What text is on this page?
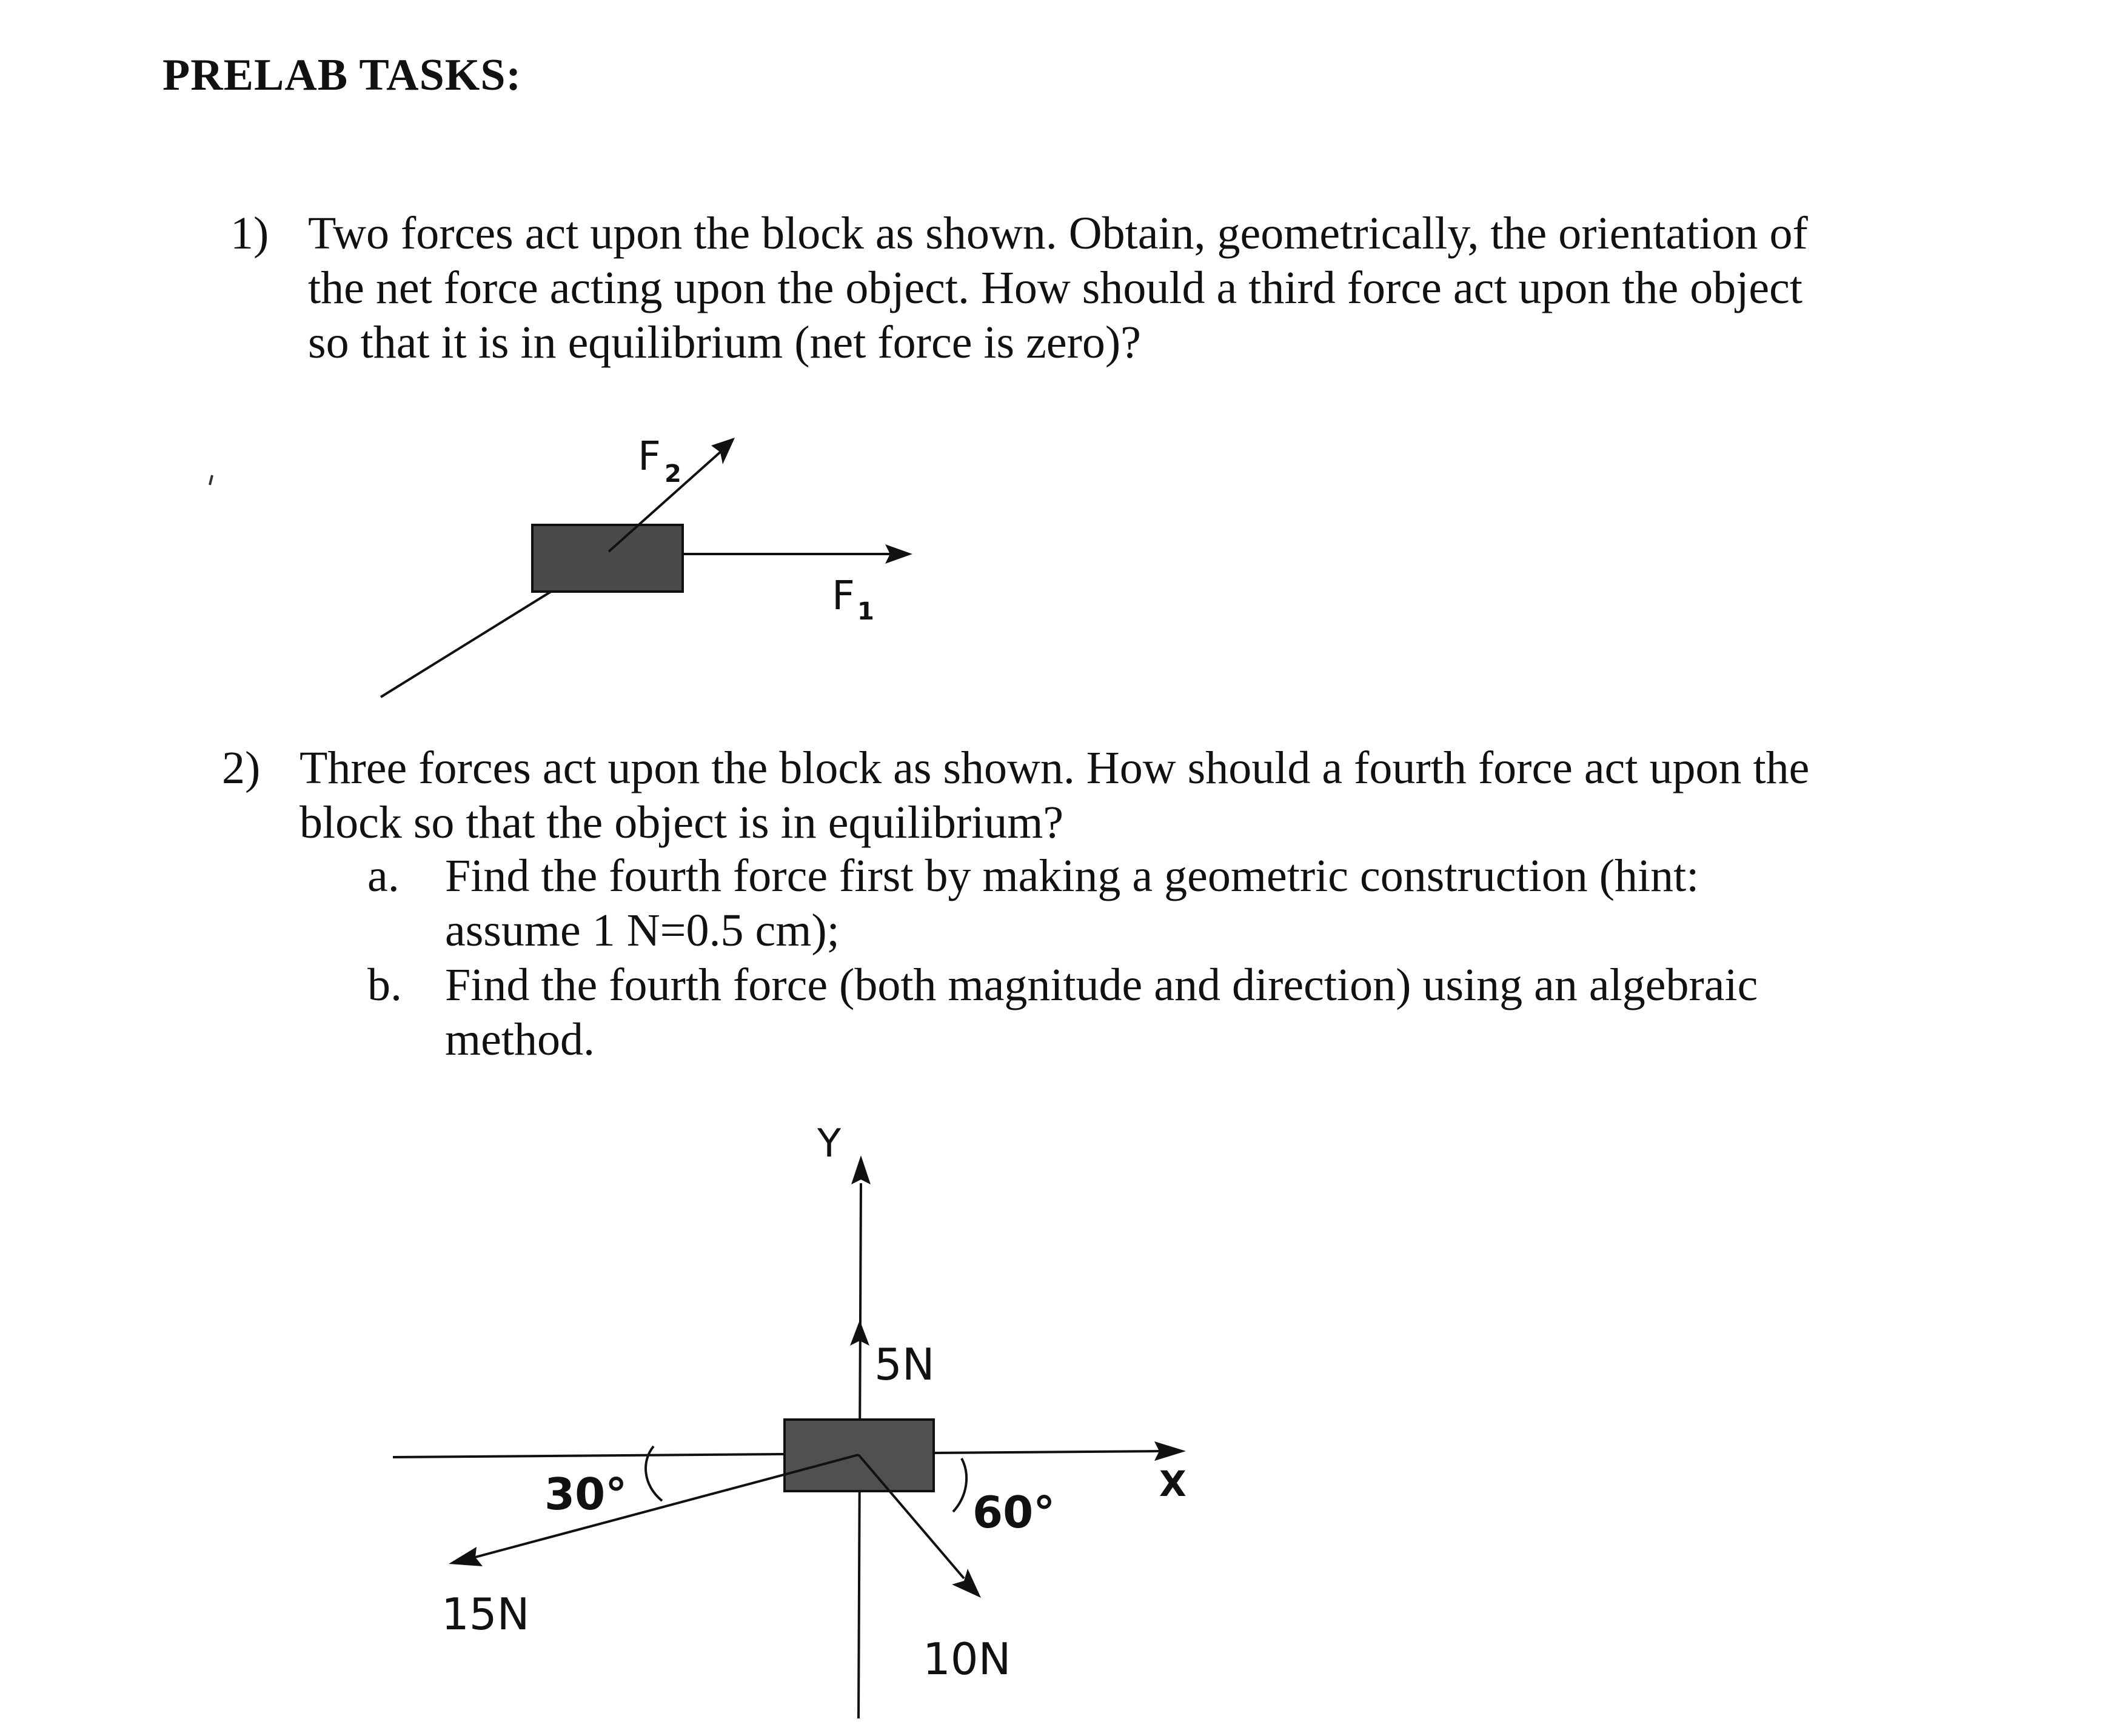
PRELAB TASKS:
1) Two forces act upon the block as shown. Obtain, geometrically, the orientation of
the net force acting upon the object. How should a third force act upon the object
so that it is in equilibrium (net force is zero)?
2) Three forces act upon the block as shown. How should a fourth force act upon the
block so that the object is in equilibrium?
a. Find the fourth force first by making a geometric construction (hint:
assume 1 N=0.5 cm);
b. Find the fourth force (both magnitude and direction) using an algebraic
method.
F 2
F 1
Y
X
5N
30°	60°
15N
10N
